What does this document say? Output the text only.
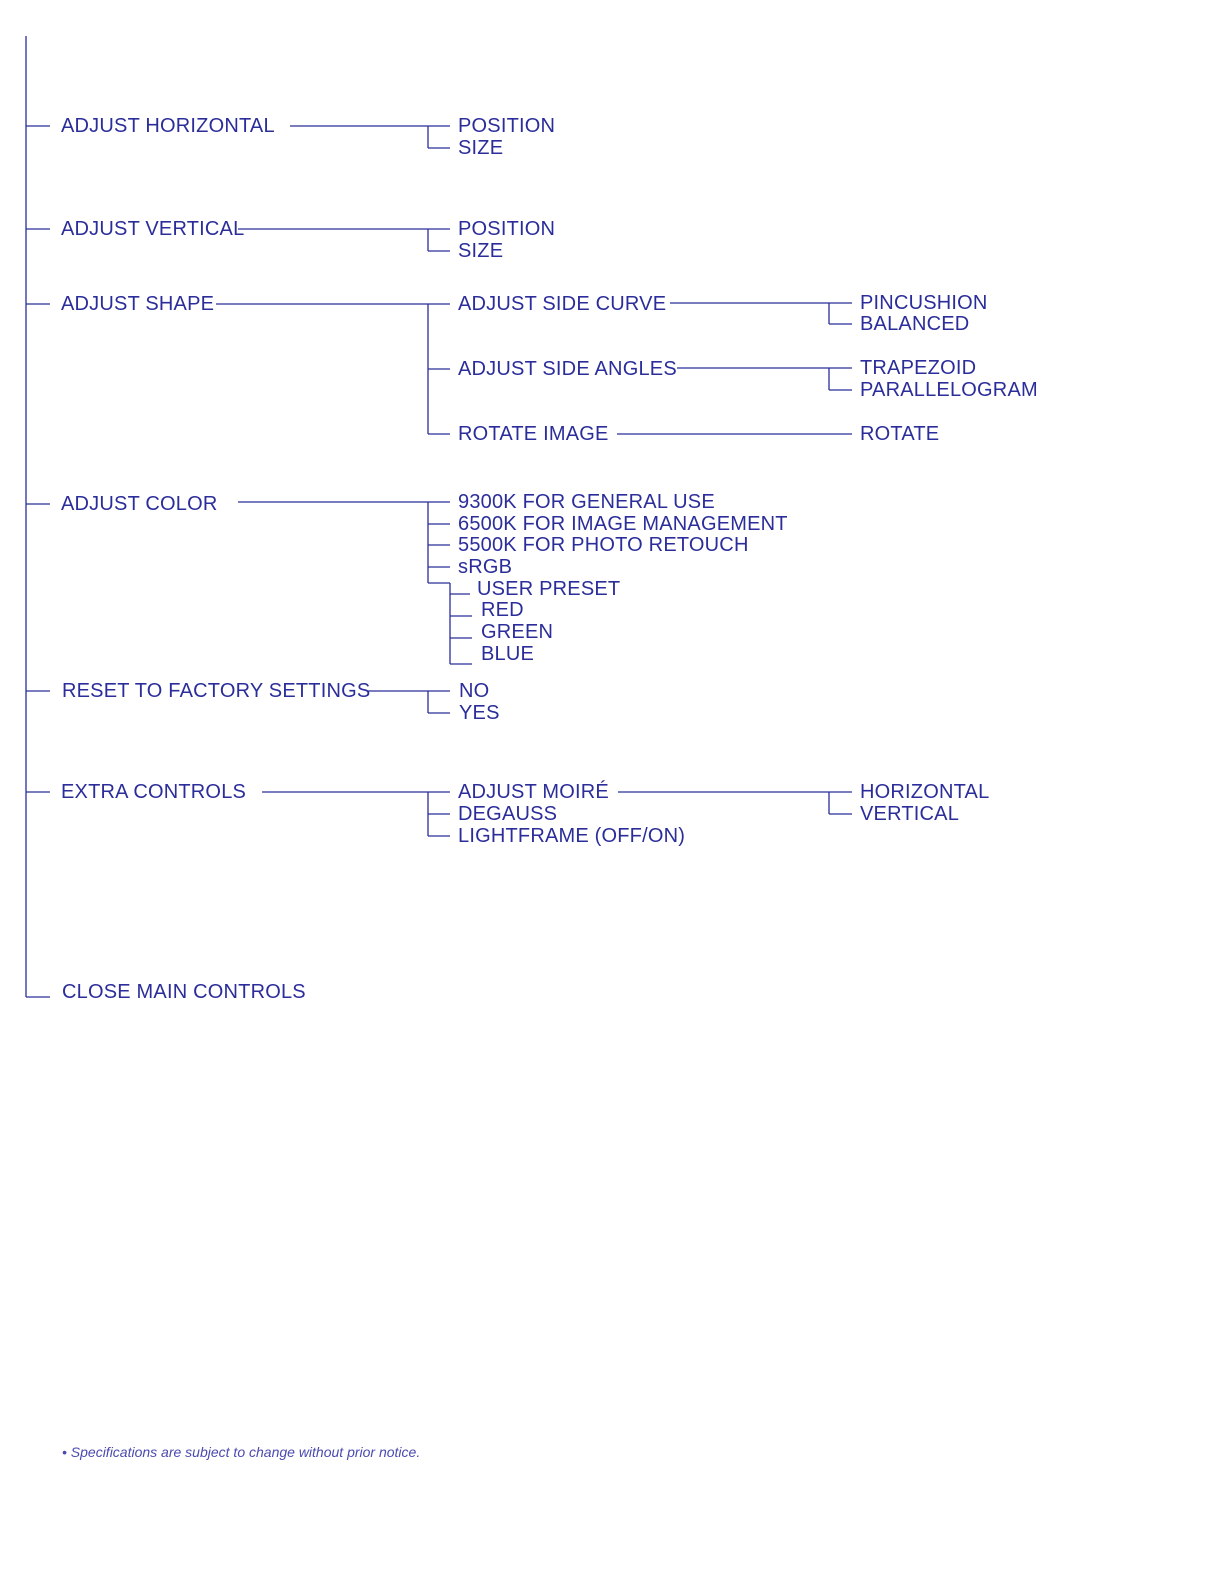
ADJUST HORIZONTAL
ADJUST VERTICAL
ADJUST SHAPE
ADJUST COLOR
RESET TO FACTORY SETTINGS
EXTRA CONTROLS
CLOSE MAIN CONTROLS
POSITION
SIZE
POSITION
SIZE
ADJUST SIDE CURVE
ADJUST SIDE ANGLES
ROTATE IMAGE
PINCUSHION
BALANCED
TRAPEZOID
PARALLELOGRAM
ROTATE
9300K FOR GENERAL USE
6500K FOR IMAGE MANAGEMENT
5500K FOR PHOTO RETOUCH
sRGB
USER PRESET
RED
GREEN
BLUE
NO
YES
ADJUST MOIRÉ
DEGAUSS
LIGHTFRAME (OFF/ON)
HORIZONTAL
VERTICAL
• Specifications are subject to change without prior notice.
